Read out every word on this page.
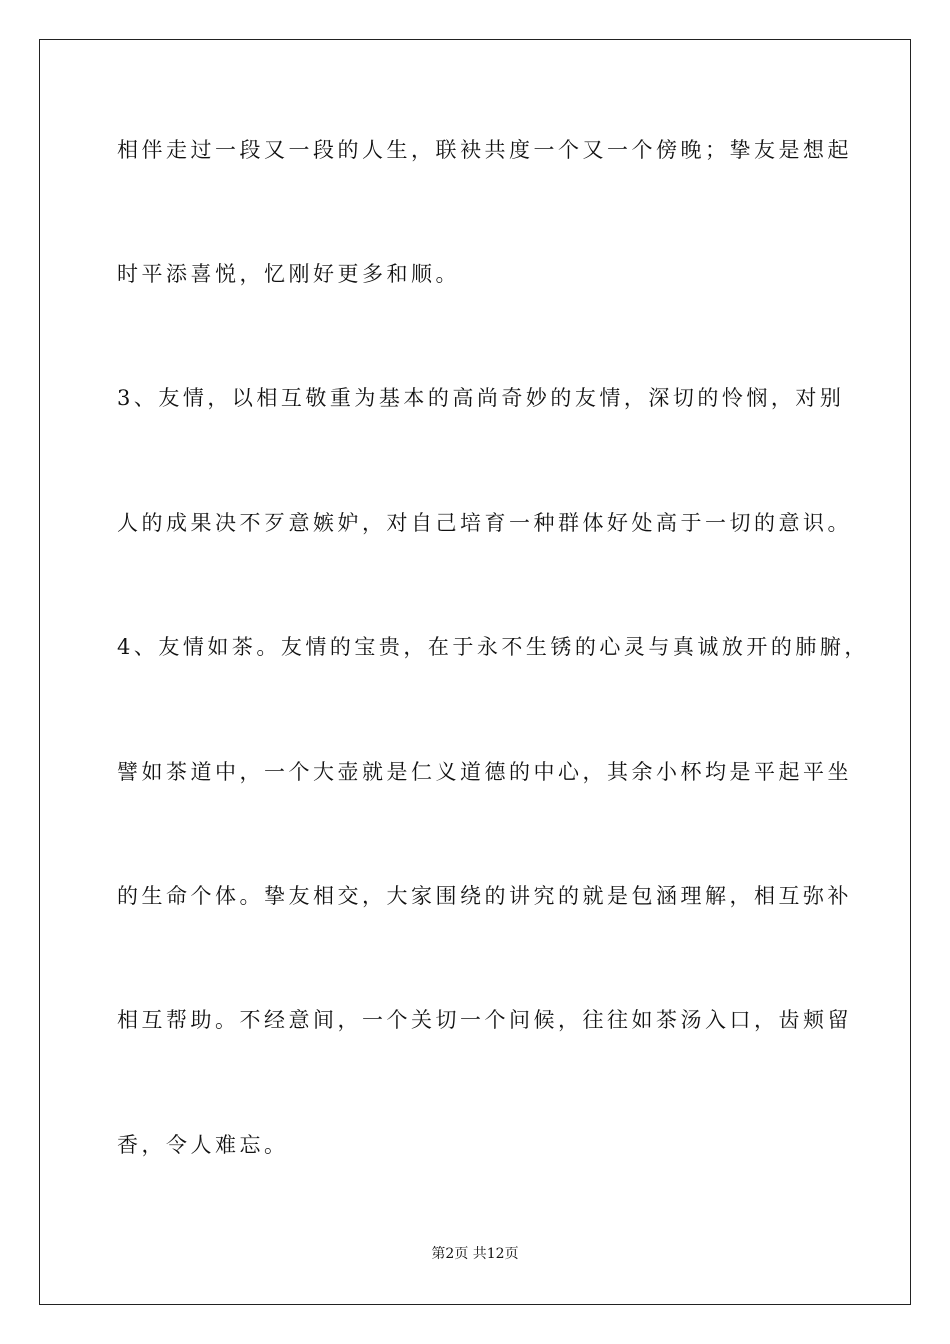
相伴走过一段又一段的人生，联袂共度一个又一个傍晚；挚友是想起
时平添喜悦，忆刚好更多和顺。
3、友情，以相互敬重为基本的高尚奇妙的友情，深切的怜悯，对别
人的成果决不歹意嫉妒，对自己培育一种群体好处高于一切的意识。
4、友情如茶。友情的宝贵，在于永不生锈的心灵与真诚放开的肺腑，
譬如茶道中，一个大壶就是仁义道德的中心，其余小杯均是平起平坐
的生命个体。挚友相交，大家围绕的讲究的就是包涵理解，相互弥补
相互帮助。不经意间，一个关切一个问候，往往如茶汤入口，齿颊留
香，令人难忘。
第2页 共12页
